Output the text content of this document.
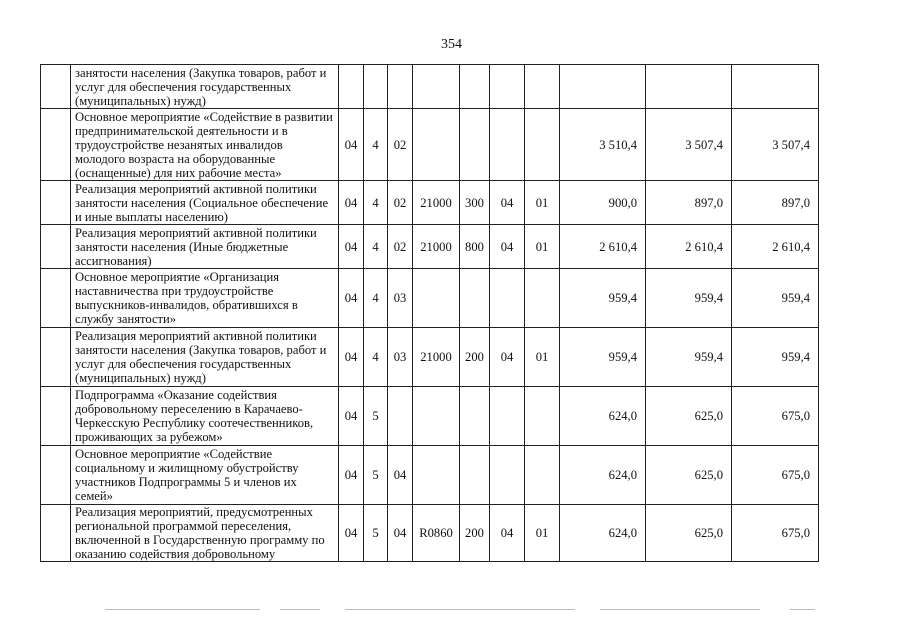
354
	занятости населения (Закупка товаров, работ и услуг для обеспечения государственных (муниципальных) нужд)										
	Основное мероприятие «Содействие в развитии предпринимательской деятельности и в трудоустройстве незанятых инвалидов молодого возраста на оборудованные (оснащенные) для них рабочие места»	04	4	02					3 510,4	3 507,4	3 507,4
	Реализация мероприятий активной политики занятости населения (Социальное обеспечение и иные выплаты населению)	04	4	02	21000	300	04	01	900,0	897,0	897,0
	Реализация мероприятий активной политики занятости населения (Иные бюджетные ассигнования)	04	4	02	21000	800	04	01	2 610,4	2 610,4	2 610,4
	Основное мероприятие «Организация наставничества при трудоустройстве выпускников-инвалидов, обратившихся в службу занятости»	04	4	03					959,4	959,4	959,4
	Реализация мероприятий активной политики занятости населения (Закупка товаров, работ и услуг для обеспечения государственных (муниципальных) нужд)	04	4	03	21000	200	04	01	959,4	959,4	959,4
	Подпрограмма «Оказание содействия добровольному переселению в Карачаево-Черкесскую Республику соотечественников, проживающих за рубежом»	04	5						624,0	625,0	675,0
	Основное мероприятие «Содействие социальному и жилищному обустройству участников Подпрограммы 5 и членов их семей»	04	5	04					624,0	625,0	675,0
	Реализация мероприятий, предусмотренных региональной программой переселения, включенной в Государственную программу по оказанию содействия добровольному	04	5	04	R0860	200	04	01	624,0	625,0	675,0
